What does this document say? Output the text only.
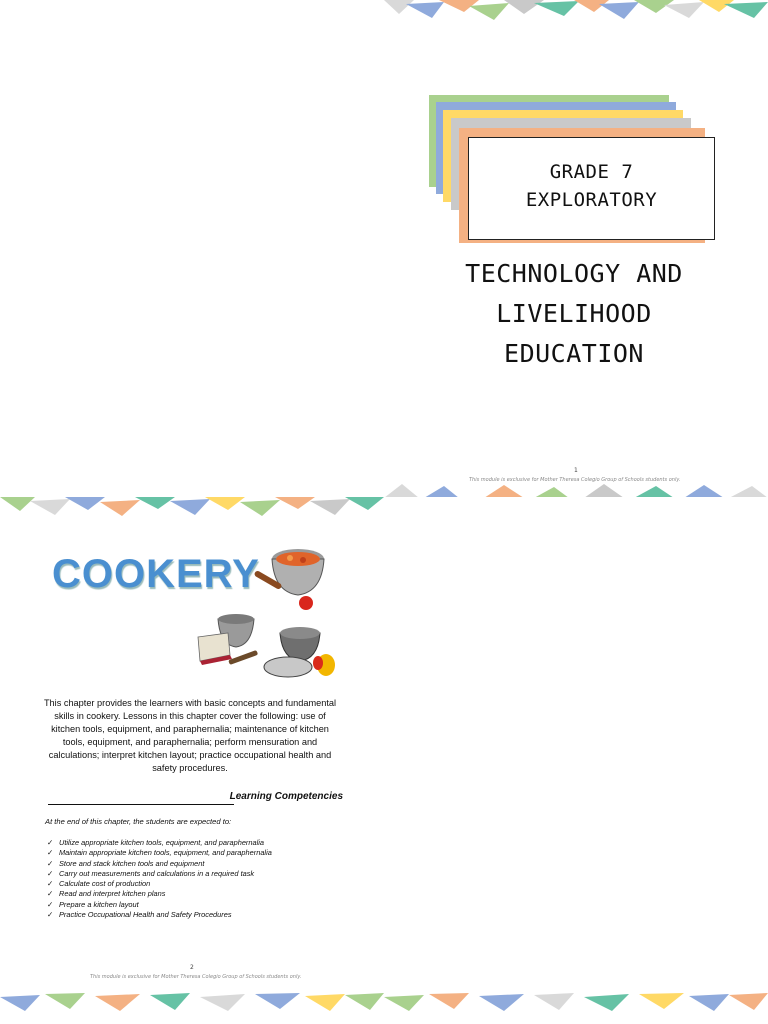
GRADE 7
EXPLORATORY
TECHNOLOGY AND
LIVELIHOOD
EDUCATION
1
This module is exclusive for Mother Theresa Colegio Group of Schools students only.
COOKERY
This chapter provides the learners with basic concepts and fundamental skills in cookery. Lessons in this chapter cover the following: use of kitchen tools, equipment, and paraphernalia; maintenance of kitchen tools, equipment, and paraphernalia; perform mensuration and calculations; interpret kitchen layout; practice occupational health and safety procedures.
Learning Competencies
At the end of this chapter, the students are expected to:
✓ Utilize appropriate kitchen tools, equipment, and paraphernalia
✓ Maintain appropriate kitchen tools, equipment, and paraphernalia
✓ Store and stack kitchen tools and equipment
✓ Carry out measurements and calculations in a required task
✓ Calculate cost of production
✓ Read and interpret kitchen plans
✓ Prepare a kitchen layout
✓ Practice Occupational Health and Safety Procedures
2
This module is exclusive for Mother Theresa Colegio Group of Schools students only.
